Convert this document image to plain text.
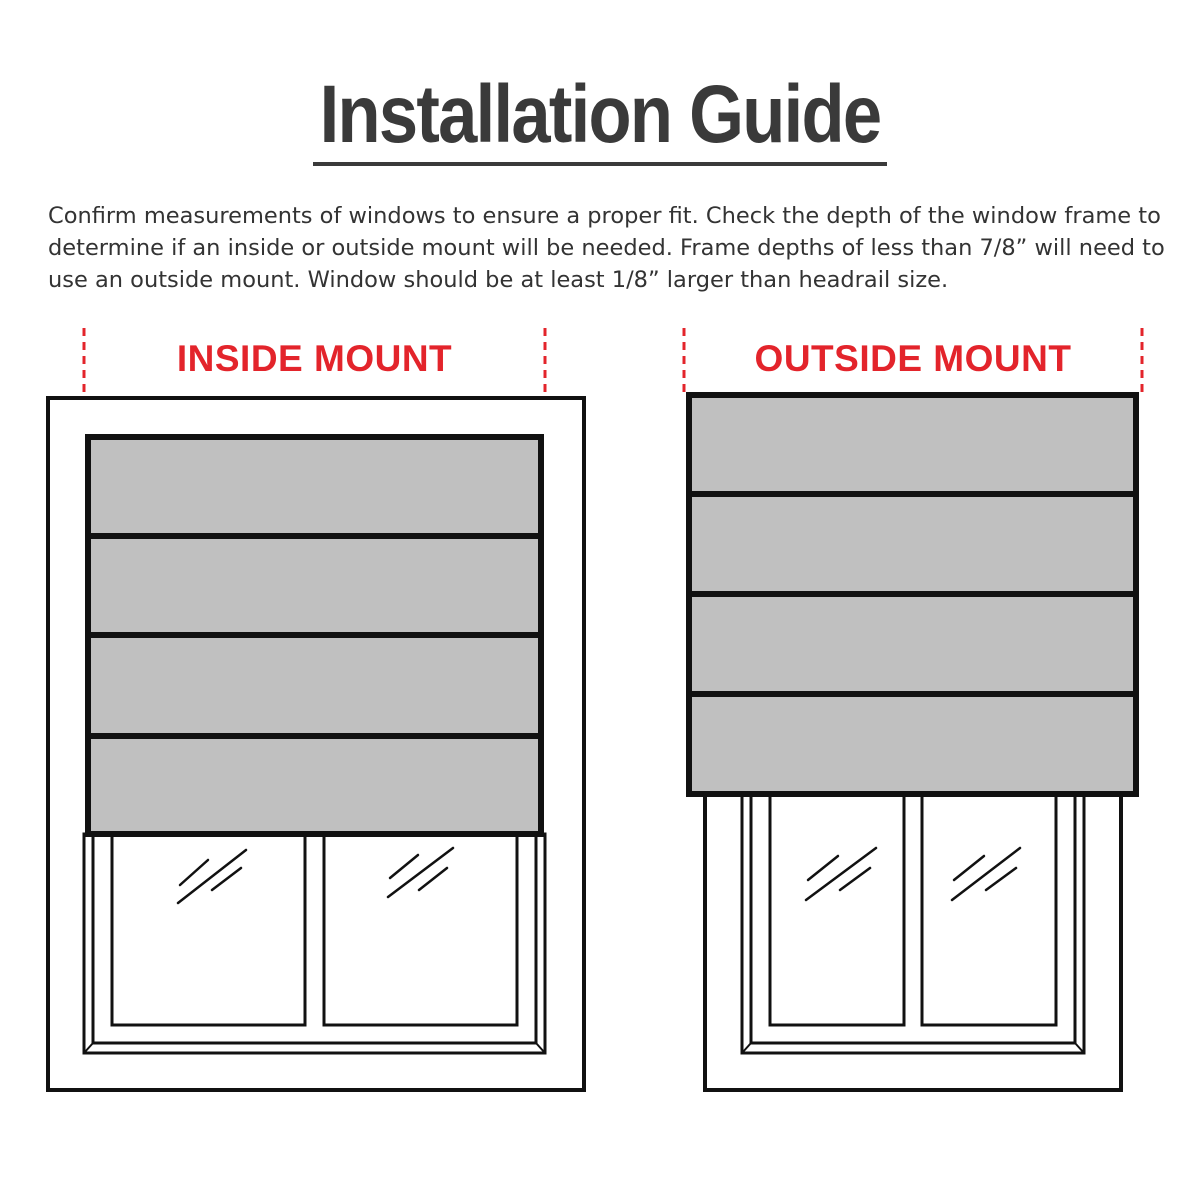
Installation Guide
Confirm measurements of windows to ensure a proper fit. Check the depth of the window frame to
determine if an inside or outside mount will be needed. Frame depths of less than 7/8” will need to
use an outside mount. Window should be at least 1/8” larger than headrail size.
INSIDE MOUNT	OUTSIDE MOUNT
